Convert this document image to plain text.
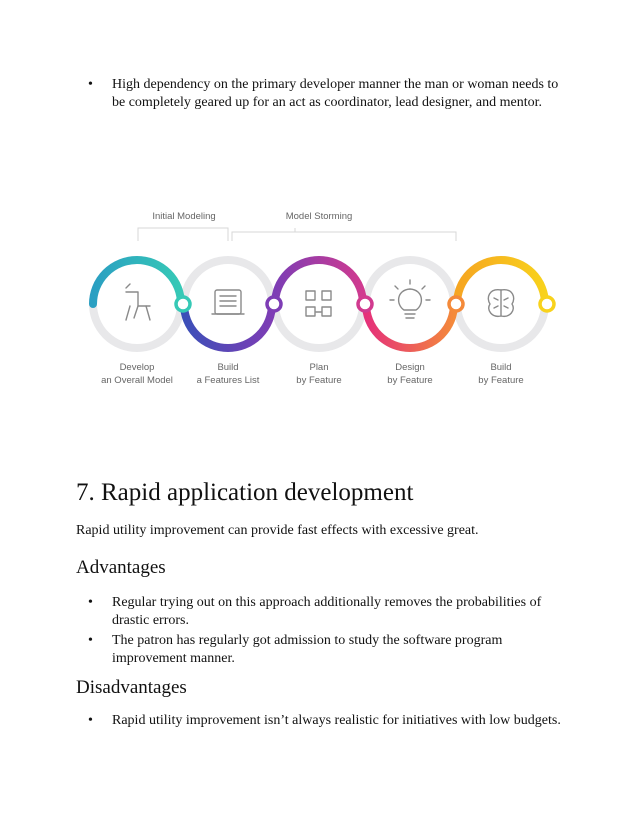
• High dependency on the primary developer manner the man or woman needs to be completely geared up for an act as coordinator, lead designer, and mentor.
Initial Modeling	Model Storming
Develop
an Overall Model
Build
a Features List
Plan
by Feature
Design
by Feature
Build
by Feature
7. Rapid application development

Rapid utility improvement can provide fast effects with excessive great.

Advantages
• Regular trying out on this approach additionally removes the probabilities of drastic errors.
• The patron has regularly got admission to study the software program improvement manner.
Disadvantages
• Rapid utility improvement isn’t always realistic for initiatives with low budgets.
